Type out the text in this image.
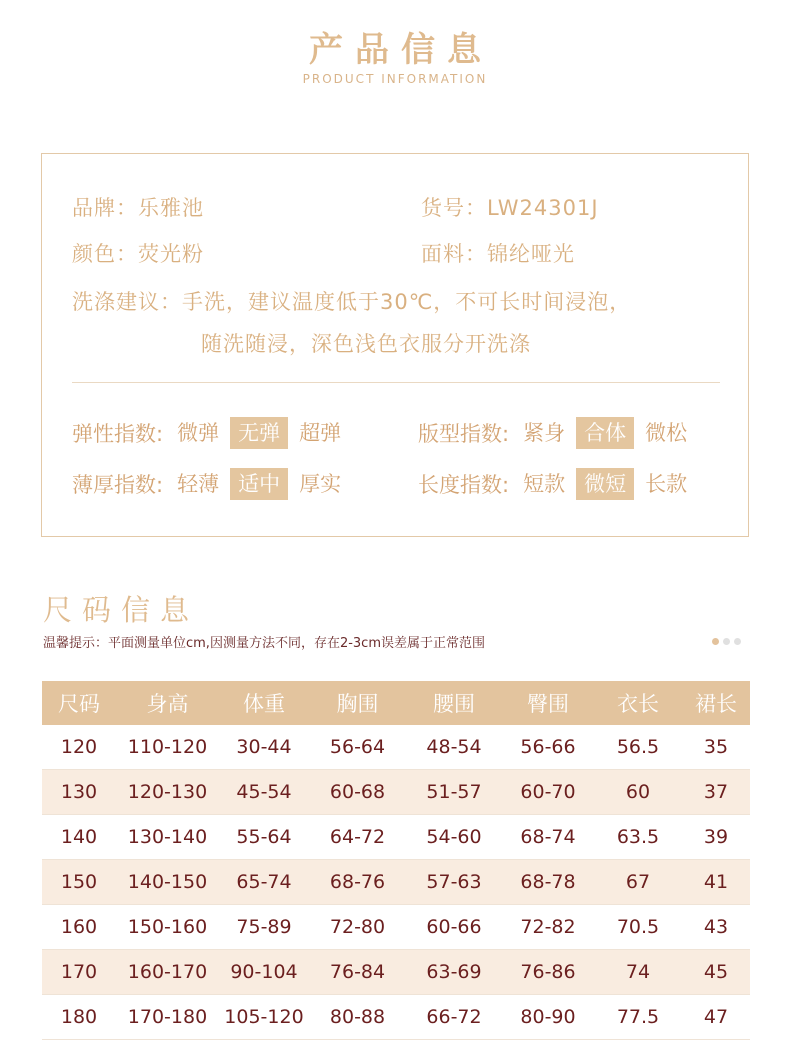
产品信息
PRODUCT INFORMATION
品牌：乐雅池	货号：LW24301J
颜色：荧光粉	面料：锦纶哑光
洗涤建议：手洗，建议温度低于30℃，不可长时间浸泡，
随洗随浸，深色浅色衣服分开洗涤
弹性指数: 微弹 无弹 超弹	版型指数: 紧身 合体 微松
薄厚指数: 轻薄 适中 厚实	长度指数: 短款 微短 长款
尺码信息
温馨提示：平面测量单位cm,因测量方法不同，存在2-3cm误差属于正常范围
尺码	身高	体重	胸围	腰围	臀围	衣长	裙长
120	110-120	30-44	56-64	48-54	56-66	56.5	35
130	120-130	45-54	60-68	51-57	60-70	60	37
140	130-140	55-64	64-72	54-60	68-74	63.5	39
150	140-150	65-74	68-76	57-63	68-78	67	41
160	150-160	75-89	72-80	60-66	72-82	70.5	43
170	160-170	90-104	76-84	63-69	76-86	74	45
180	170-180	105-120	80-88	66-72	80-90	77.5	47
